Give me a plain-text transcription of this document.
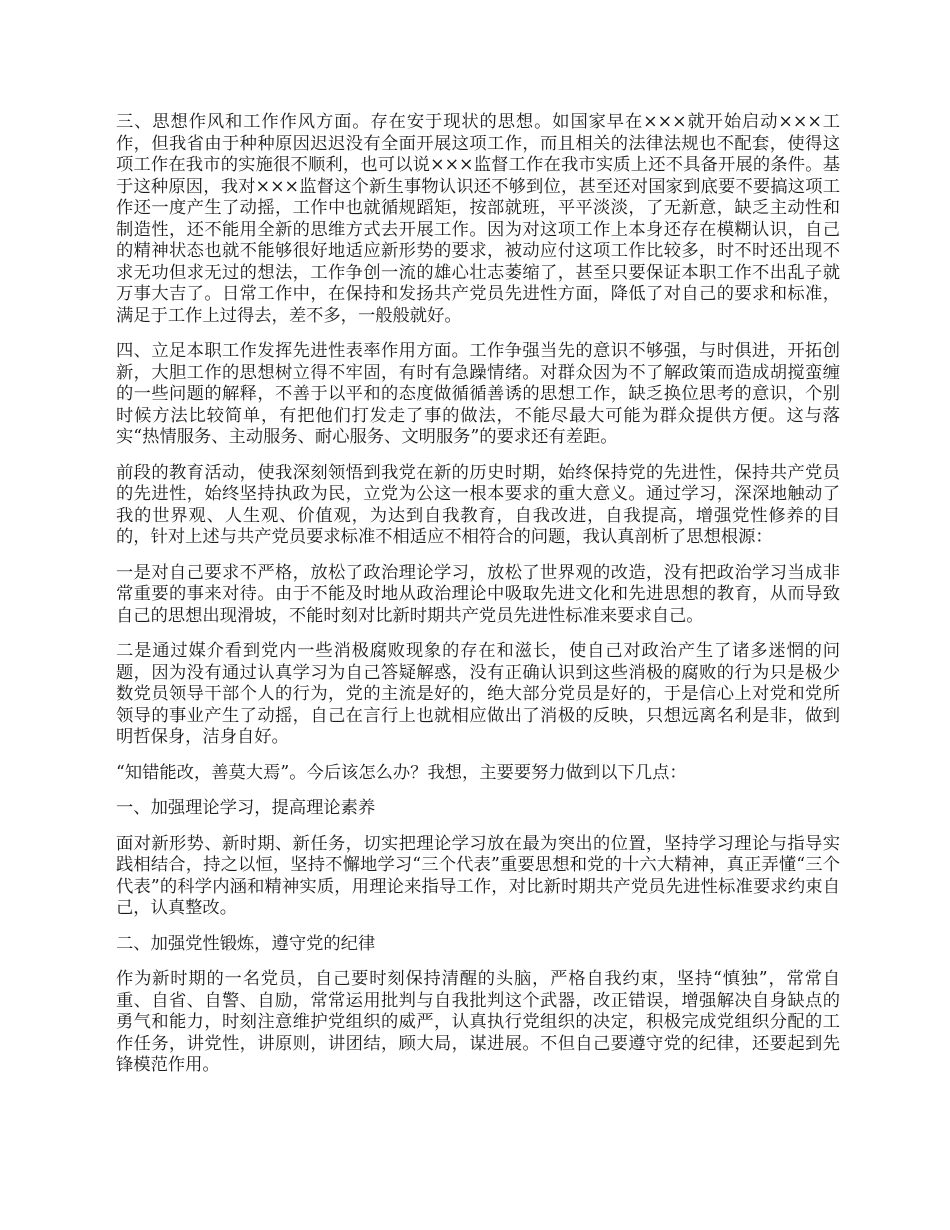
三、思想作风和工作作风方面。存在安于现状的思想。如国家早在×××就开始启动×××工作，但我省由于种种原因迟迟没有全面开展这项工作，而且相关的法律法规也不配套，使得这项工作在我市的实施很不顺利，也可以说×××监督工作在我市实质上还不具备开展的条件。基于这种原因，我对×××监督这个新生事物认识还不够到位，甚至还对国家到底要不要搞这项工作还一度产生了动摇，工作中也就循规蹈矩，按部就班，平平淡淡，了无新意，缺乏主动性和制造性，还不能用全新的思维方式去开展工作。因为对这项工作上本身还存在模糊认识，自己的精神状态也就不能够很好地适应新形势的要求，被动应付这项工作比较多，时不时还出现不求无功但求无过的想法，工作争创一流的雄心壮志萎缩了，甚至只要保证本职工作不出乱子就万事大吉了。日常工作中，在保持和发扬共产党员先进性方面，降低了对自己的要求和标准，满足于工作上过得去，差不多，一般般就好。

四、立足本职工作发挥先进性表率作用方面。工作争强当先的意识不够强，与时俱进，开拓创新，大胆工作的思想树立得不牢固，有时有急躁情绪。对群众因为不了解政策而造成胡搅蛮缠的一些问题的解释，不善于以平和的态度做循循善诱的思想工作，缺乏换位思考的意识，个别时候方法比较简单，有把他们打发走了事的做法，不能尽最大可能为群众提供方便。这与落实“热情服务、主动服务、耐心服务、文明服务”的要求还有差距。

前段的教育活动，使我深刻领悟到我党在新的历史时期，始终保持党的先进性，保持共产党员的先进性，始终坚持执政为民，立党为公这一根本要求的重大意义。通过学习，深深地触动了我的世界观、人生观、价值观，为达到自我教育，自我改进，自我提高，增强党性修养的目的，针对上述与共产党员要求标准不相适应不相符合的问题，我认真剖析了思想根源：

一是对自己要求不严格，放松了政治理论学习，放松了世界观的改造，没有把政治学习当成非常重要的事来对待。由于不能及时地从政治理论中吸取先进文化和先进思想的教育，从而导致自己的思想出现滑坡，不能时刻对比新时期共产党员先进性标准来要求自己。

二是通过媒介看到党内一些消极腐败现象的存在和滋长，使自己对政治产生了诸多迷惘的问题，因为没有通过认真学习为自己答疑解惑，没有正确认识到这些消极的腐败的行为只是极少数党员领导干部个人的行为，党的主流是好的，绝大部分党员是好的，于是信心上对党和党所领导的事业产生了动摇，自己在言行上也就相应做出了消极的反映，只想远离名利是非，做到明哲保身，洁身自好。

“知错能改，善莫大焉”。今后该怎么办？我想，主要要努力做到以下几点：

一、加强理论学习，提高理论素养

面对新形势、新时期、新任务，切实把理论学习放在最为突出的位置，坚持学习理论与指导实践相结合，持之以恒，坚持不懈地学习“三个代表”重要思想和党的十六大精神，真正弄懂“三个代表”的科学内涵和精神实质，用理论来指导工作，对比新时期共产党员先进性标准要求约束自己，认真整改。

二、加强党性锻炼，遵守党的纪律

作为新时期的一名党员，自己要时刻保持清醒的头脑，严格自我约束，坚持“慎独”，常常自重、自省、自警、自励，常常运用批判与自我批判这个武器，改正错误，增强解决自身缺点的勇气和能力，时刻注意维护党组织的威严，认真执行党组织的决定，积极完成党组织分配的工作任务，讲党性，讲原则，讲团结，顾大局，谋进展。不但自己要遵守党的纪律，还要起到先锋模范作用。
